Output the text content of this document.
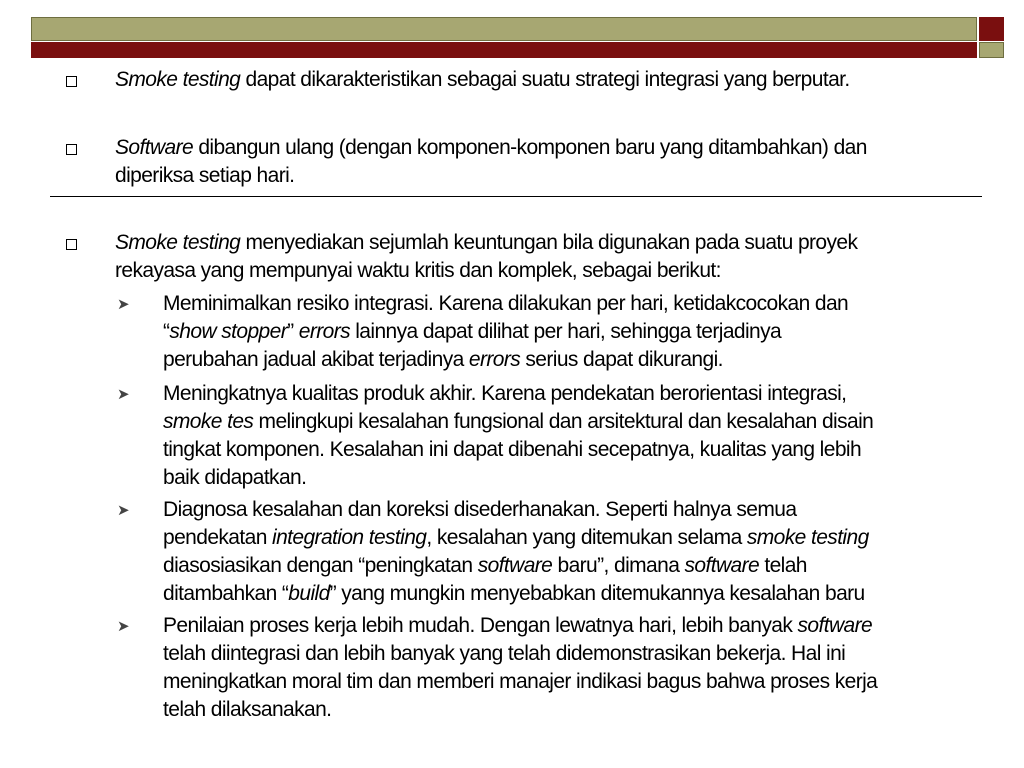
Smoke testing dapat dikarakteristikan sebagai suatu strategi integrasi yang berputar.
Software dibangun ulang (dengan komponen-komponen baru yang ditambahkan) dan
diperiksa setiap hari.
Smoke testing menyediakan sejumlah keuntungan bila digunakan pada suatu proyek
rekayasa yang mempunyai waktu kritis dan komplek, sebagai berikut:
➤ Meminimalkan resiko integrasi. Karena dilakukan per hari, ketidakcocokan dan
“show stopper” errors lainnya dapat dilihat per hari, sehingga terjadinya
perubahan jadual akibat terjadinya errors serius dapat dikurangi.
➤ Meningkatnya kualitas produk akhir. Karena pendekatan berorientasi integrasi,
smoke tes melingkupi kesalahan fungsional dan arsitektural dan kesalahan disain
tingkat komponen. Kesalahan ini dapat dibenahi secepatnya, kualitas yang lebih
baik didapatkan.
➤ Diagnosa kesalahan dan koreksi disederhanakan. Seperti halnya semua
pendekatan integration testing, kesalahan yang ditemukan selama smoke testing
diasosiasikan dengan “peningkatan software baru”, dimana software telah
ditambahkan “build” yang mungkin menyebabkan ditemukannya kesalahan baru
➤ Penilaian proses kerja lebih mudah. Dengan lewatnya hari, lebih banyak software
telah diintegrasi dan lebih banyak yang telah didemonstrasikan bekerja. Hal ini
meningkatkan moral tim dan memberi manajer indikasi bagus bahwa proses kerja
telah dilaksanakan.
